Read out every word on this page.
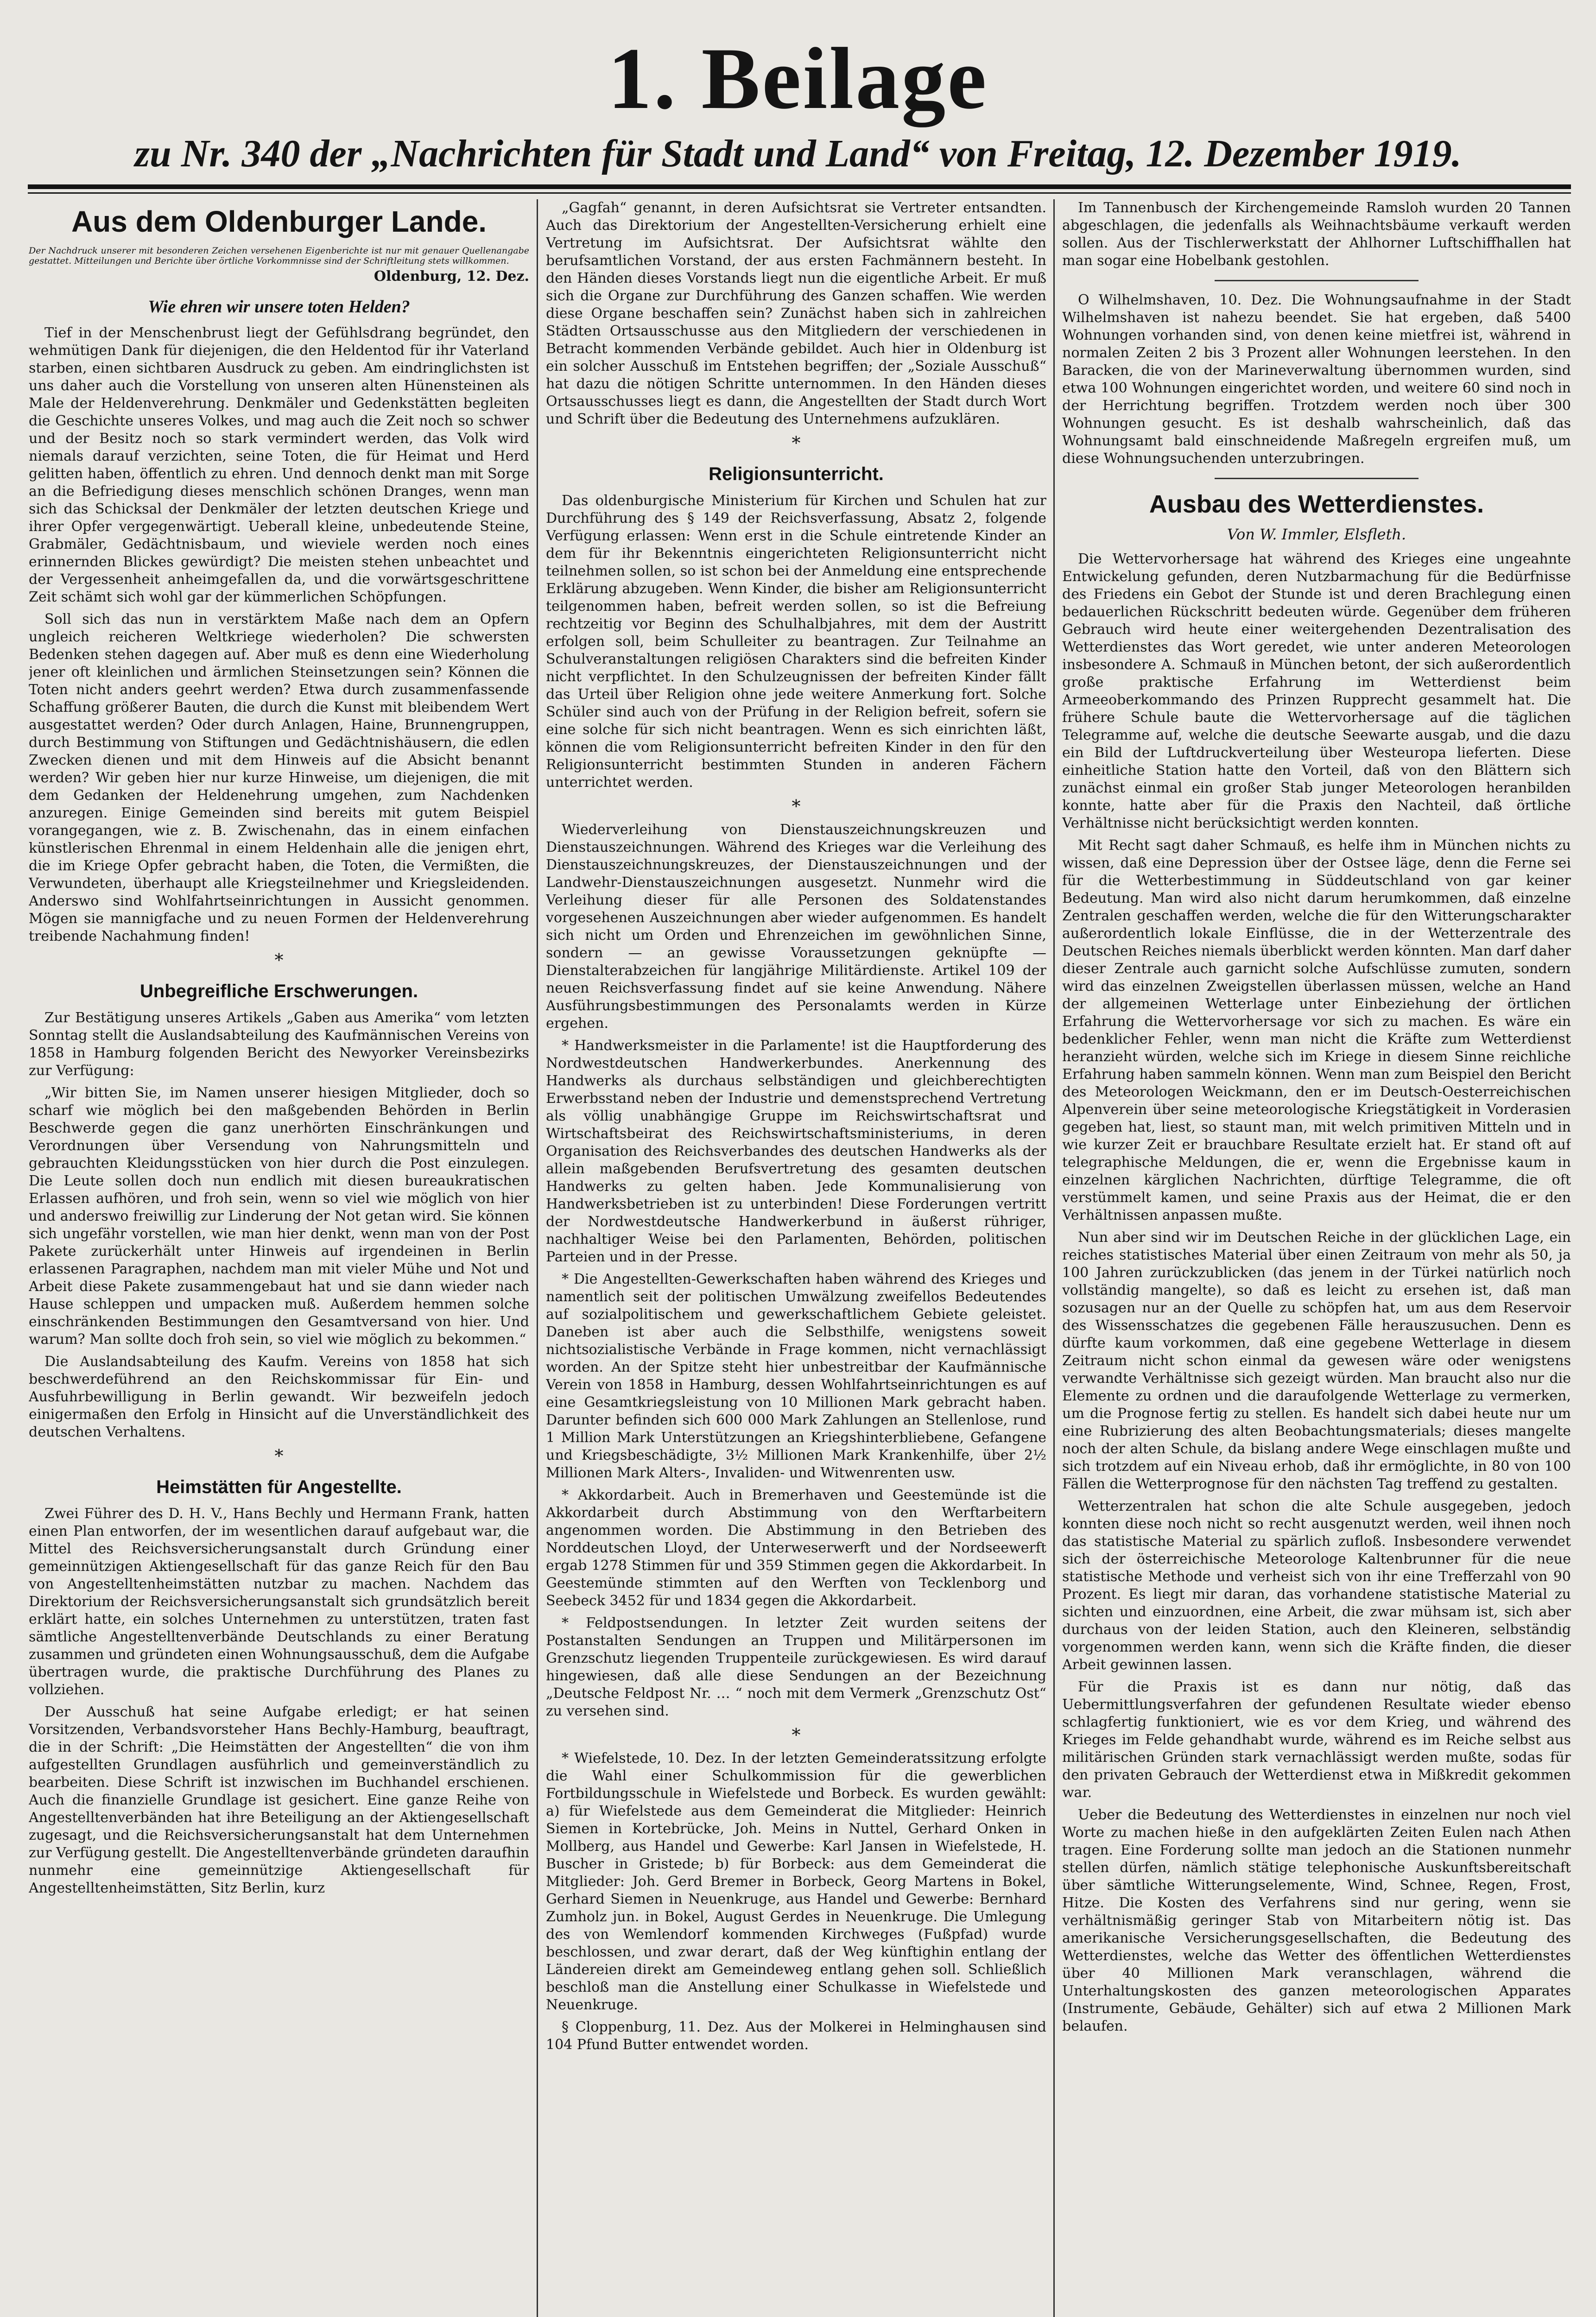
1. Beilage
zu Nr. 340 der „Nachrichten für Stadt und Land“ von Freitag, 12. Dezember 1919.
Aus dem Oldenburger Lande.
Der Nachdruck unserer mit besonderen Zeichen versehenen Eigenberichte ist nur mit genauer Quellenangabe gestattet. Mitteilungen und Berichte über örtliche Vorkommnisse sind der Schriftleitung stets willkommen.
Oldenburg, 12. Dez.
Wie ehren wir unsere toten Helden?

Tief in der Menschenbrust liegt der Gefühlsdrang begründet, den wehmütigen Dank für diejenigen, die den Heldentod für ihr Vaterland starben, einen sichtbaren Ausdruck zu geben. Am eindringlichsten ist uns daher auch die Vorstellung von unseren alten Hünensteinen als Male der Heldenverehrung. Denkmäler und Gedenkstätten begleiten die Geschichte unseres Volkes, und mag auch die Zeit noch so schwer und der Besitz noch so stark vermindert werden, das Volk wird niemals darauf verzichten, seine Toten, die für Heimat und Herd gelitten haben, öffentlich zu ehren. Und dennoch denkt man mit Sorge an die Befriedigung dieses menschlich schönen Dranges, wenn man sich das Schicksal der Denkmäler der letzten deutschen Kriege und ihrer Opfer vergegenwärtigt. Ueberall kleine, unbedeutende Steine, Grabmäler, Gedächtnisbaum, und wieviele werden noch eines erinnernden Blickes gewürdigt? Die meisten stehen unbeachtet und der Vergessenheit anheimgefallen da, und die vorwärtsgeschrittene Zeit schämt sich wohl gar der kümmerlichen Schöpfungen.

Soll sich das nun in verstärktem Maße nach dem an Opfern ungleich reicheren Weltkriege wiederholen? Die schwersten Bedenken stehen dagegen auf. Aber muß es denn eine Wiederholung jener oft kleinlichen und ärmlichen Steinsetzungen sein? Können die Toten nicht anders geehrt werden? Etwa durch zusammenfassende Schaffung größerer Bauten, die durch die Kunst mit bleibendem Wert ausgestattet werden? Oder durch Anlagen, Haine, Brunnengruppen, durch Bestimmung von Stiftungen und Gedächtnishäusern, die edlen Zwecken dienen und mit dem Hinweis auf die Absicht benannt werden? Wir geben hier nur kurze Hinweise, um diejenigen, die mit dem Gedanken der Heldenehrung umgehen, zum Nachdenken anzuregen. Einige Gemeinden sind bereits mit gutem Beispiel vorangegangen, wie z. B. Zwischenahn, das in einem einfachen künstlerischen Ehrenmal in einem Heldenhain alle die jenigen ehrt, die im Kriege Opfer gebracht haben, die Toten, die Vermißten, die Verwundeten, überhaupt alle Kriegsteilnehmer und Kriegsleidenden. Anderswo sind Wohlfahrtseinrichtungen in Aussicht genommen. Mögen sie mannigfache und zu neuen Formen der Heldenverehrung treibende Nachahmung finden!

*
Unbegreifliche Erschwerungen.

Zur Bestätigung unseres Artikels „Gaben aus Amerika“ vom letzten Sonntag stellt die Auslandsabteilung des Kaufmännischen Vereins von 1858 in Hamburg folgenden Bericht des Newyorker Vereinsbezirks zur Verfügung:

„Wir bitten Sie, im Namen unserer hiesigen Mitglieder, doch so scharf wie möglich bei den maßgebenden Behörden in Berlin Beschwerde gegen die ganz unerhörten Einschränkungen und Verordnungen über Versendung von Nahrungsmitteln und gebrauchten Kleidungsstücken von hier durch die Post einzulegen. Die Leute sollen doch nun endlich mit diesen bureaukratischen Erlassen aufhören, und froh sein, wenn so viel wie möglich von hier und anderswo freiwillig zur Linderung der Not getan wird. Sie können sich ungefähr vorstellen, wie man hier denkt, wenn man von der Post Pakete zurückerhält unter Hinweis auf irgendeinen in Berlin erlassenen Paragraphen, nachdem man mit vieler Mühe und Not und Arbeit diese Pakete zusammengebaut hat und sie dann wieder nach Hause schleppen und umpacken muß. Außerdem hemmen solche einschränkenden Bestimmungen den Gesamtversand von hier. Und warum? Man sollte doch froh sein, so viel wie möglich zu bekommen.“

Die Auslandsabteilung des Kaufm. Vereins von 1858 hat sich beschwerdeführend an den Reichskommissar für Ein- und Ausfuhrbewilligung in Berlin gewandt. Wir bezweifeln jedoch einigermaßen den Erfolg in Hinsicht auf die Unverständlichkeit des deutschen Verhaltens.

*
Heimstätten für Angestellte.

Zwei Führer des D. H. V., Hans Bechly und Hermann Frank, hatten einen Plan entworfen, der im wesentlichen darauf aufgebaut war, die Mittel des Reichsversicherungsanstalt durch Gründung einer gemeinnützigen Aktiengesellschaft für das ganze Reich für den Bau von Angestelltenheimstätten nutzbar zu machen. Nachdem das Direktorium der Reichsversicherungsanstalt sich grundsätzlich bereit erklärt hatte, ein solches Unternehmen zu unterstützen, traten fast sämtliche Angestelltenverbände Deutschlands zu einer Beratung zusammen und gründeten einen Wohnungsausschuß, dem die Aufgabe übertragen wurde, die praktische Durchführung des Planes zu vollziehen.

Der Ausschuß hat seine Aufgabe erledigt; er hat seinen Vorsitzenden, Verbandsvorsteher Hans Bechly-Hamburg, beauftragt, die in der Schrift: „Die Heimstätten der Angestellten“ die von ihm aufgestellten Grundlagen ausführlich und gemeinverständlich zu bearbeiten. Diese Schrift ist inzwischen im Buchhandel erschienen. Auch die finanzielle Grundlage ist gesichert. Eine ganze Reihe von Angestelltenverbänden hat ihre Beteiligung an der Aktiengesellschaft zugesagt, und die Reichsversicherungsanstalt hat dem Unternehmen zur Verfügung gestellt. Die Angestelltenverbände gründeten daraufhin nunmehr eine gemeinnützige Aktiengesellschaft für Angestelltenheimstätten, Sitz Berlin, kurz

„Gagfah“ genannt, in deren Aufsichtsrat sie Vertreter entsandten. Auch das Direktorium der Angestellten-Versicherung erhielt eine Vertretung im Aufsichtsrat. Der Aufsichtsrat wählte den berufsamtlichen Vorstand, der aus ersten Fachmännern besteht. In den Händen dieses Vorstands liegt nun die eigentliche Arbeit. Er muß sich die Organe zur Durchführung des Ganzen schaffen. Wie werden diese Organe beschaffen sein? Zunächst haben sich in zahlreichen Städten Ortsausschusse aus den Mitgliedern der verschiedenen in Betracht kommenden Verbände gebildet. Auch hier in Oldenburg ist ein solcher Ausschuß im Entstehen begriffen; der „Soziale Ausschuß“ hat dazu die nötigen Schritte unternommen. In den Händen dieses Ortsausschusses liegt es dann, die Angestellten der Stadt durch Wort und Schrift über die Bedeutung des Unternehmens aufzuklären.

*
Religionsunterricht.

Das oldenburgische Ministerium für Kirchen und Schulen hat zur Durchführung des § 149 der Reichsverfassung, Absatz 2, folgende Verfügung erlassen: Wenn erst in die Schule eintretende Kinder an dem für ihr Bekenntnis eingerichteten Religionsunterricht nicht teilnehmen sollen, so ist schon bei der Anmeldung eine entsprechende Erklärung abzugeben. Wenn Kinder, die bisher am Religionsunterricht teilgenommen haben, befreit werden sollen, so ist die Befreiung rechtzeitig vor Beginn des Schulhalbjahres, mit dem der Austritt erfolgen soll, beim Schulleiter zu beantragen. Zur Teilnahme an Schulveranstaltungen religiösen Charakters sind die befreiten Kinder nicht verpflichtet. In den Schulzeugnissen der befreiten Kinder fällt das Urteil über Religion ohne jede weitere Anmerkung fort. Solche Schüler sind auch von der Prüfung in der Religion befreit, sofern sie eine solche für sich nicht beantragen. Wenn es sich einrichten läßt, können die vom Religionsunterricht befreiten Kinder in den für den Religionsunterricht bestimmten Stunden in anderen Fächern unterrichtet werden.

*

Wiederverleihung von Dienstauszeichnungskreuzen und Dienstauszeichnungen. Während des Krieges war die Verleihung des Dienstauszeichnungskreuzes, der Dienstauszeichnungen und der Landwehr-Dienstauszeichnungen ausgesetzt. Nunmehr wird die Verleihung dieser für alle Personen des Soldatenstandes vorgesehenen Auszeichnungen aber wieder aufgenommen. Es handelt sich nicht um Orden und Ehrenzeichen im gewöhnlichen Sinne, sondern — an gewisse Voraussetzungen geknüpfte — Dienstalterabzeichen für langjährige Militärdienste. Artikel 109 der neuen Reichsverfassung findet auf sie keine Anwendung. Nähere Ausführungsbestimmungen des Personalamts werden in Kürze ergehen.

* Handwerksmeister in die Parlamente! ist die Hauptforderung des Nordwestdeutschen Handwerkerbundes. Anerkennung des Handwerks als durchaus selbständigen und gleichberechtigten Erwerbsstand neben der Industrie und demenstsprechend Vertretung als völlig unabhängige Gruppe im Reichswirtschaftsrat und Wirtschaftsbeirat des Reichswirtschaftsministeriums, in deren Organisation des Reichsverbandes des deutschen Handwerks als der allein maßgebenden Berufsvertretung des gesamten deutschen Handwerks zu gelten haben. Jede Kommunalisierung von Handwerksbetrieben ist zu unterbinden! Diese Forderungen vertritt der Nordwestdeutsche Handwerkerbund in äußerst rühriger, nachhaltiger Weise bei den Parlamenten, Behörden, politischen Parteien und in der Presse.

* Die Angestellten-Gewerkschaften haben während des Krieges und namentlich seit der politischen Umwälzung zweifellos Bedeutendes auf sozialpolitischem und gewerkschaftlichem Gebiete geleistet. Daneben ist aber auch die Selbsthilfe, wenigstens soweit nichtsozialistische Verbände in Frage kommen, nicht vernachlässigt worden. An der Spitze steht hier unbestreitbar der Kaufmännische Verein von 1858 in Hamburg, dessen Wohlfahrtseinrichtungen es auf eine Gesamtkriegsleistung von 10 Millionen Mark gebracht haben. Darunter befinden sich 600 000 Mark Zahlungen an Stellenlose, rund 1 Million Mark Unterstützungen an Kriegshinterbliebene, Gefangene und Kriegsbeschädigte, 3½ Millionen Mark Krankenhilfe, über 2½ Millionen Mark Alters-, Invaliden- und Witwenrenten usw.

* Akkordarbeit. Auch in Bremerhaven und Geestemünde ist die Akkordarbeit durch Abstimmung von den Werftarbeitern angenommen worden. Die Abstimmung in den Betrieben des Norddeutschen Lloyd, der Unterweserwerft und der Nordseewerft ergab 1278 Stimmen für und 359 Stimmen gegen die Akkordarbeit. In Geestemünde stimmten auf den Werften von Tecklenborg und Seebeck 3452 für und 1834 gegen die Akkordarbeit.

* Feldpostsendungen. In letzter Zeit wurden seitens der Postanstalten Sendungen an Truppen und Militärpersonen im Grenzschutz liegenden Truppenteile zurückgewiesen. Es wird darauf hingewiesen, daß alle diese Sendungen an der Bezeichnung „Deutsche Feldpost Nr. … “ noch mit dem Vermerk „Grenzschutz Ost“ zu versehen sind.

*

* Wiefelstede, 10. Dez. In der letzten Gemeinderatssitzung erfolgte die Wahl einer Schulkommission für die gewerblichen Fortbildungsschule in Wiefelstede und Borbeck. Es wurden gewählt: a) für Wiefelstede aus dem Gemeinderat die Mitglieder: Heinrich Siemen in Kortebrücke, Joh. Meins in Nuttel, Gerhard Onken in Mollberg, aus Handel und Gewerbe: Karl Jansen in Wiefelstede, H. Buscher in Gristede; b) für Borbeck: aus dem Gemeinderat die Mitglieder: Joh. Gerd Bremer in Borbeck, Georg Martens in Bokel, Gerhard Siemen in Neuenkruge, aus Handel und Gewerbe: Bernhard Zumholz jun. in Bokel, August Gerdes in Neuenkruge. Die Umlegung des von Wemlendorf kommenden Kirchweges (Fußpfad) wurde beschlossen, und zwar derart, daß der Weg künftighin entlang der Ländereien direkt am Gemeindeweg entlang gehen soll. Schließlich beschloß man die Anstellung einer Schulkasse in Wiefelstede und Neuenkruge.

§ Cloppenburg, 11. Dez. Aus der Molkerei in Helminghausen sind 104 Pfund Butter entwendet worden.

Im Tannenbusch der Kirchengemeinde Ramsloh wurden 20 Tannen abgeschlagen, die jedenfalls als Weihnachtsbäume verkauft werden sollen. Aus der Tischlerwerkstatt der Ahlhorner Luftschiffhallen hat man sogar eine Hobelbank gestohlen.

O Wilhelmshaven, 10. Dez. Die Wohnungsaufnahme in der Stadt Wilhelmshaven ist nahezu beendet. Sie hat ergeben, daß 5400 Wohnungen vorhanden sind, von denen keine mietfrei ist, während in normalen Zeiten 2 bis 3 Prozent aller Wohnungen leerstehen. In den Baracken, die von der Marineverwaltung übernommen wurden, sind etwa 100 Wohnungen eingerichtet worden, und weitere 60 sind noch in der Herrichtung begriffen. Trotzdem werden noch über 300 Wohnungen gesucht. Es ist deshalb wahrscheinlich, daß das Wohnungsamt bald einschneidende Maßregeln ergreifen muß, um diese Wohnungsuchenden unterzubringen.

Ausbau des Wetterdienstes.
Von W. Immler, Elsfleth.

Die Wettervorhersage hat während des Krieges eine ungeahnte Entwickelung gefunden, deren Nutzbarmachung für die Bedürfnisse des Friedens ein Gebot der Stunde ist und deren Brachlegung einen bedauerlichen Rückschritt bedeuten würde. Gegenüber dem früheren Gebrauch wird heute einer weitergehenden Dezentralisation des Wetterdienstes das Wort geredet, wie unter anderen Meteorologen insbesondere A. Schmauß in München betont, der sich außerordentlich große praktische Erfahrung im Wetterdienst beim Armeeoberkommando des Prinzen Rupprecht gesammelt hat. Die frühere Schule baute die Wettervorhersage auf die täglichen Telegramme auf, welche die deutsche Seewarte ausgab, und die dazu ein Bild der Luftdruckverteilung über Westeuropa lieferten. Diese einheitliche Station hatte den Vorteil, daß von den Blättern sich zunächst einmal ein großer Stab junger Meteorologen heranbilden konnte, hatte aber für die Praxis den Nachteil, daß örtliche Verhältnisse nicht berücksichtigt werden konnten.

Mit Recht sagt daher Schmauß, es helfe ihm in München nichts zu wissen, daß eine Depression über der Ostsee läge, denn die Ferne sei für die Wetterbestimmung in Süddeutschland von gar keiner Bedeutung. Man wird also nicht darum herumkommen, daß einzelne Zentralen geschaffen werden, welche die für den Witterungscharakter außerordentlich lokale Einflüsse, die in der Wetterzentrale des Deutschen Reiches niemals überblickt werden könnten. Man darf daher dieser Zentrale auch garnicht solche Aufschlüsse zumuten, sondern wird das einzelnen Zweigstellen überlassen müssen, welche an Hand der allgemeinen Wetterlage unter Einbeziehung der örtlichen Erfahrung die Wettervorhersage vor sich zu machen. Es wäre ein bedenklicher Fehler, wenn man nicht die Kräfte zum Wetterdienst heranzieht würden, welche sich im Kriege in diesem Sinne reichliche Erfahrung haben sammeln können. Wenn man zum Beispiel den Bericht des Meteorologen Weickmann, den er im Deutsch-Oesterreichischen Alpenverein über seine meteorologische Kriegstätigkeit in Vorderasien gegeben hat, liest, so staunt man, mit welch primitiven Mitteln und in wie kurzer Zeit er brauchbare Resultate erzielt hat. Er stand oft auf telegraphische Meldungen, die er, wenn die Ergebnisse kaum in einzelnen kärglichen Nachrichten, dürftige Telegramme, die oft verstümmelt kamen, und seine Praxis aus der Heimat, die er den Verhältnissen anpassen mußte.

Nun aber sind wir im Deutschen Reiche in der glücklichen Lage, ein reiches statistisches Material über einen Zeitraum von mehr als 50, ja 100 Jahren zurückzublicken (das jenem in der Türkei natürlich noch vollständig mangelte), so daß es leicht zu ersehen ist, daß man sozusagen nur an der Quelle zu schöpfen hat, um aus dem Reservoir des Wissensschatzes die gegebenen Fälle herauszusuchen. Denn es dürfte kaum vorkommen, daß eine gegebene Wetterlage in diesem Zeitraum nicht schon einmal da gewesen wäre oder wenigstens verwandte Verhältnisse sich gezeigt würden. Man braucht also nur die Elemente zu ordnen und die daraufolgende Wetterlage zu vermerken, um die Prognose fertig zu stellen. Es handelt sich dabei heute nur um eine Rubrizierung des alten Beobachtungsmaterials; dieses mangelte noch der alten Schule, da bislang andere Wege einschlagen mußte und sich trotzdem auf ein Niveau erhob, daß ihr ermöglichte, in 80 von 100 Fällen die Wetterprognose für den nächsten Tag treffend zu gestalten.

Wetterzentralen hat schon die alte Schule ausgegeben, jedoch konnten diese noch nicht so recht ausgenutzt werden, weil ihnen noch das statistische Material zu spärlich zufloß. Insbesondere verwendet sich der österreichische Meteorologe Kaltenbrunner für die neue statistische Methode und verheist sich von ihr eine Trefferzahl von 90 Prozent. Es liegt mir daran, das vorhandene statistische Material zu sichten und einzuordnen, eine Arbeit, die zwar mühsam ist, sich aber durchaus von der leiden Station, auch den Kleineren, selbständig vorgenommen werden kann, wenn sich die Kräfte finden, die dieser Arbeit gewinnen lassen.

Für die Praxis ist es dann nur nötig, daß das Uebermittlungsverfahren der gefundenen Resultate wieder ebenso schlagfertig funktioniert, wie es vor dem Krieg, und während des Krieges im Felde gehandhabt wurde, während es im Reiche selbst aus militärischen Gründen stark vernachlässigt werden mußte, sodas für den privaten Gebrauch der Wetterdienst etwa in Mißkredit gekommen war.

Ueber die Bedeutung des Wetterdienstes in einzelnen nur noch viel Worte zu machen hieße in den aufgeklärten Zeiten Eulen nach Athen tragen. Eine Forderung sollte man jedoch an die Stationen nunmehr stellen dürfen, nämlich stätige telephonische Auskunftsbereitschaft über sämtliche Witterungselemente, Wind, Schnee, Regen, Frost, Hitze. Die Kosten des Verfahrens sind nur gering, wenn sie verhältnismäßig geringer Stab von Mitarbeitern nötig ist. Das amerikanische Versicherungsgesellschaften, die Bedeutung des Wetterdienstes, welche das Wetter des öffentlichen Wetterdienstes über 40 Millionen Mark veranschlagen, während die Unterhaltungskosten des ganzen meteorologischen Apparates (Instrumente, Gebäude, Gehälter) sich auf etwa 2 Millionen Mark belaufen.
